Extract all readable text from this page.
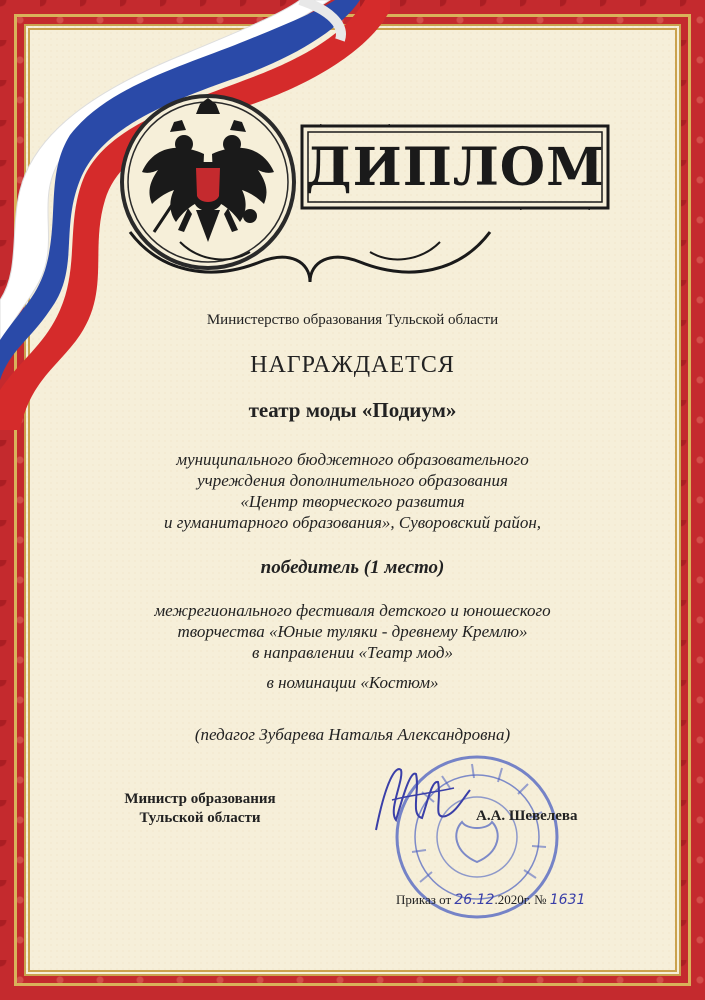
ДИПЛОМ
Министерство образования Тульской области
НАГРАЖДАЕТСЯ
театр моды «Подиум»
муниципального бюджетного образовательного
учреждения дополнительного образования
«Центр творческого развития
и гуманитарного образования», Суворовский район,
победитель (1 место)
межрегионального фестиваля детского и юношеского
творчества «Юные туляки - древнему Кремлю»
в направлении «Театр мод»
в номинации «Костюм»
(педагог Зубарева Наталья Александровна)
Министр образования
Тульской области	А.А. Шевелева
Приказ от 26.12.2020г. № 1631
